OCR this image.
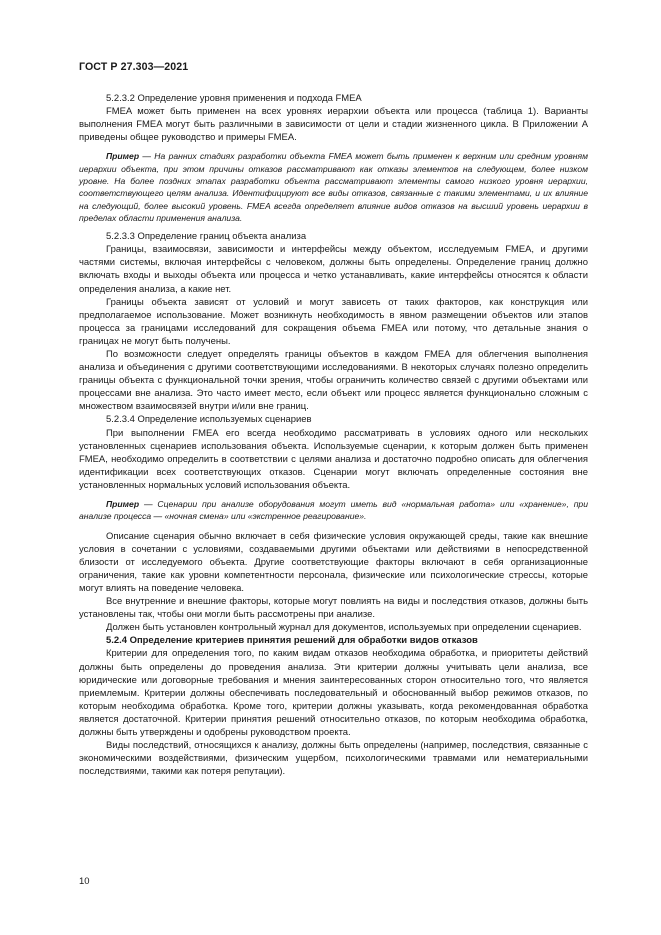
ГОСТ Р 27.303—2021

5.2.3.2 Определение уровня применения и подхода FMEA

FMEA может быть применен на всех уровнях иерархии объекта или процесса (таблица 1). Варианты выполнения FMEA могут быть различными в зависимости от цели и стадии жизненного цикла. В Приложении А приведены общее руководство и примеры FMEA.

Пример — На ранних стадиях разработки объекта FMEA может быть применен к верхним или средним уровням иерархии объекта, при этом причины отказов рассматривают как отказы элементов на следующем, более низком уровне. На более поздних этапах разработки объекта рассматривают элементы самого низкого уровня иерархии, соответствующего целям анализа. Идентифицируют все виды отказов, связанные с такими элементами, и их влияние на следующий, более высокий уровень. FMEA всегда определяет влияние видов отказов на высший уровень иерархии в пределах области применения анализа.

5.2.3.3 Определение границ объекта анализа

Границы, взаимосвязи, зависимости и интерфейсы между объектом, исследуемым FMEA, и другими частями системы, включая интерфейсы с человеком, должны быть определены. Определение границ должно включать входы и выходы объекта или процесса и четко устанавливать, какие интерфейсы относятся к области определения анализа, а какие нет.

Границы объекта зависят от условий и могут зависеть от таких факторов, как конструкция или предполагаемое использование. Может возникнуть необходимость в явном размещении объектов или этапов процесса за границами исследований для сокращения объема FMEA или потому, что детальные знания о границах не могут быть получены.

По возможности следует определять границы объектов в каждом FMEA для облегчения выполнения анализа и объединения с другими соответствующими исследованиями. В некоторых случаях полезно определить границы объекта с функциональной точки зрения, чтобы ограничить количество связей с другими объектами или процессами вне анализа. Это часто имеет место, если объект или процесс является функционально сложным с множеством взаимосвязей внутри и/или вне границ.

5.2.3.4 Определение используемых сценариев

При выполнении FMEA его всегда необходимо рассматривать в условиях одного или нескольких установленных сценариев использования объекта. Используемые сценарии, к которым должен быть применен FMEA, необходимо определить в соответствии с целями анализа и достаточно подробно описать для облегчения идентификации всех соответствующих отказов. Сценарии могут включать определенные состояния вне установленных нормальных условий использования объекта.

Пример — Сценарии при анализе оборудования могут иметь вид «нормальная работа» или «хранение», при анализе процесса — «ночная смена» или «экстренное реагирование».

Описание сценария обычно включает в себя физические условия окружающей среды, такие как внешние условия в сочетании с условиями, создаваемыми другими объектами или действиями в непосредственной близости от исследуемого объекта. Другие соответствующие факторы включают в себя организационные ограничения, такие как уровни компетентности персонала, физические или психологические стрессы, которые могут влиять на поведение человека.

Все внутренние и внешние факторы, которые могут повлиять на виды и последствия отказов, должны быть установлены так, чтобы они могли быть рассмотрены при анализе.

Должен быть установлен контрольный журнал для документов, используемых при определении сценариев.

5.2.4 Определение критериев принятия решений для обработки видов отказов

Критерии для определения того, по каким видам отказов необходима обработка, и приоритеты действий должны быть определены до проведения анализа. Эти критерии должны учитывать цели анализа, все юридические или договорные требования и мнения заинтересованных сторон относительно того, что является приемлемым. Критерии должны обеспечивать последовательный и обоснованный выбор режимов отказов, по которым необходима обработка. Кроме того, критерии должны указывать, когда рекомендованная обработка является достаточной. Критерии принятия решений относительно отказов, по которым необходима обработка, должны быть утверждены и одобрены руководством проекта.

Виды последствий, относящихся к анализу, должны быть определены (например, последствия, связанные с экономическими воздействиями, физическим ущербом, психологическими травмами или нематериальными последствиями, такими как потеря репутации).

10
